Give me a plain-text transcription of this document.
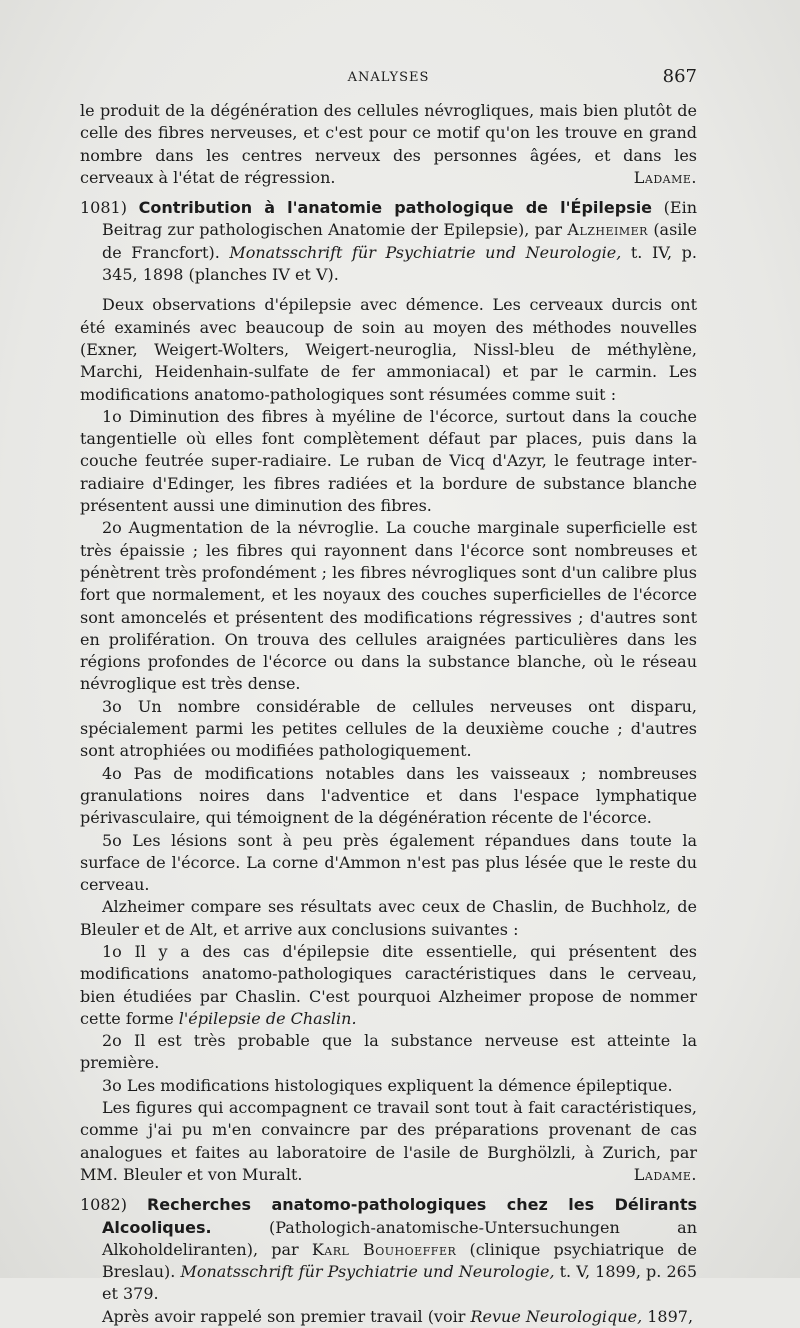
ANALYSES	867

le produit de la dégénération des cellules névrogliques, mais bien plutôt de celle des fibres nerveuses, et c'est pour ce motif qu'on les trouve en grand nombre dans les centres nerveux des personnes âgées, et dans les cerveaux à l'état de régression.	Ladame.

1081) Contribution à l'anatomie pathologique de l'Épilepsie (Ein Beitrag zur pathologischen Anatomie der Epilepsie), par Alzheimer (asile de Francfort). Monatsschrift für Psychiatrie und Neurologie, t. IV, p. 345, 1898 (planches IV et V).

Deux observations d'épilepsie avec démence. Les cerveaux durcis ont été examinés avec beaucoup de soin au moyen des méthodes nouvelles (Exner, Weigert-Wolters, Weigert-neuroglia, Nissl-bleu de méthylène, Marchi, Heidenhain-sulfate de fer ammoniacal) et par le carmin. Les modifications anatomo-pathologiques sont résumées comme suit :

1o Diminution des fibres à myéline de l'écorce, surtout dans la couche tangentielle où elles font complètement défaut par places, puis dans la couche feutrée super-radiaire. Le ruban de Vicq d'Azyr, le feutrage inter-radiaire d'Edinger, les fibres radiées et la bordure de substance blanche présentent aussi une diminution des fibres.

2o Augmentation de la névroglie. La couche marginale superficielle est très épaissie ; les fibres qui rayonnent dans l'écorce sont nombreuses et pénètrent très profondément ; les fibres névrogliques sont d'un calibre plus fort que normalement, et les noyaux des couches superficielles de l'écorce sont amoncelés et présentent des modifications régressives ; d'autres sont en prolifération. On trouva des cellules araignées particulières dans les régions profondes de l'écorce ou dans la substance blanche, où le réseau névroglique est très dense.

3o Un nombre considérable de cellules nerveuses ont disparu, spécialement parmi les petites cellules de la deuxième couche ; d'autres sont atrophiées ou modifiées pathologiquement.

4o Pas de modifications notables dans les vaisseaux ; nombreuses granulations noires dans l'adventice et dans l'espace lymphatique périvasculaire, qui témoignent de la dégénération récente de l'écorce.

5o Les lésions sont à peu près également répandues dans toute la surface de l'écorce. La corne d'Ammon n'est pas plus lésée que le reste du cerveau.

Alzheimer compare ses résultats avec ceux de Chaslin, de Buchholz, de Bleuler et de Alt, et arrive aux conclusions suivantes :

1o Il y a des cas d'épilepsie dite essentielle, qui présentent des modifications anatomo-pathologiques caractéristiques dans le cerveau, bien étudiées par Chaslin. C'est pourquoi Alzheimer propose de nommer cette forme l'épilepsie de Chaslin.

2o Il est très probable que la substance nerveuse est atteinte la première.

3o Les modifications histologiques expliquent la démence épileptique.

Les figures qui accompagnent ce travail sont tout à fait caractéristiques, comme j'ai pu m'en convaincre par des préparations provenant de cas analogues et faites au laboratoire de l'asile de Burghölzli, à Zurich, par MM. Bleuler et von Muralt.	Ladame.

1082) Recherches anatomo-pathologiques chez les Délirants Alcooliques.	(Pathologich-anatomische-Untersuchungen an Alkoholdeliranten), par Karl Bouhoeffer (clinique psychiatrique de Breslau). Monatsschrift für Psychiatrie und Neurologie, t. V, 1899, p. 265 et 379.

Après avoir rappelé son premier travail (voir Revue Neurologique, 1897,
